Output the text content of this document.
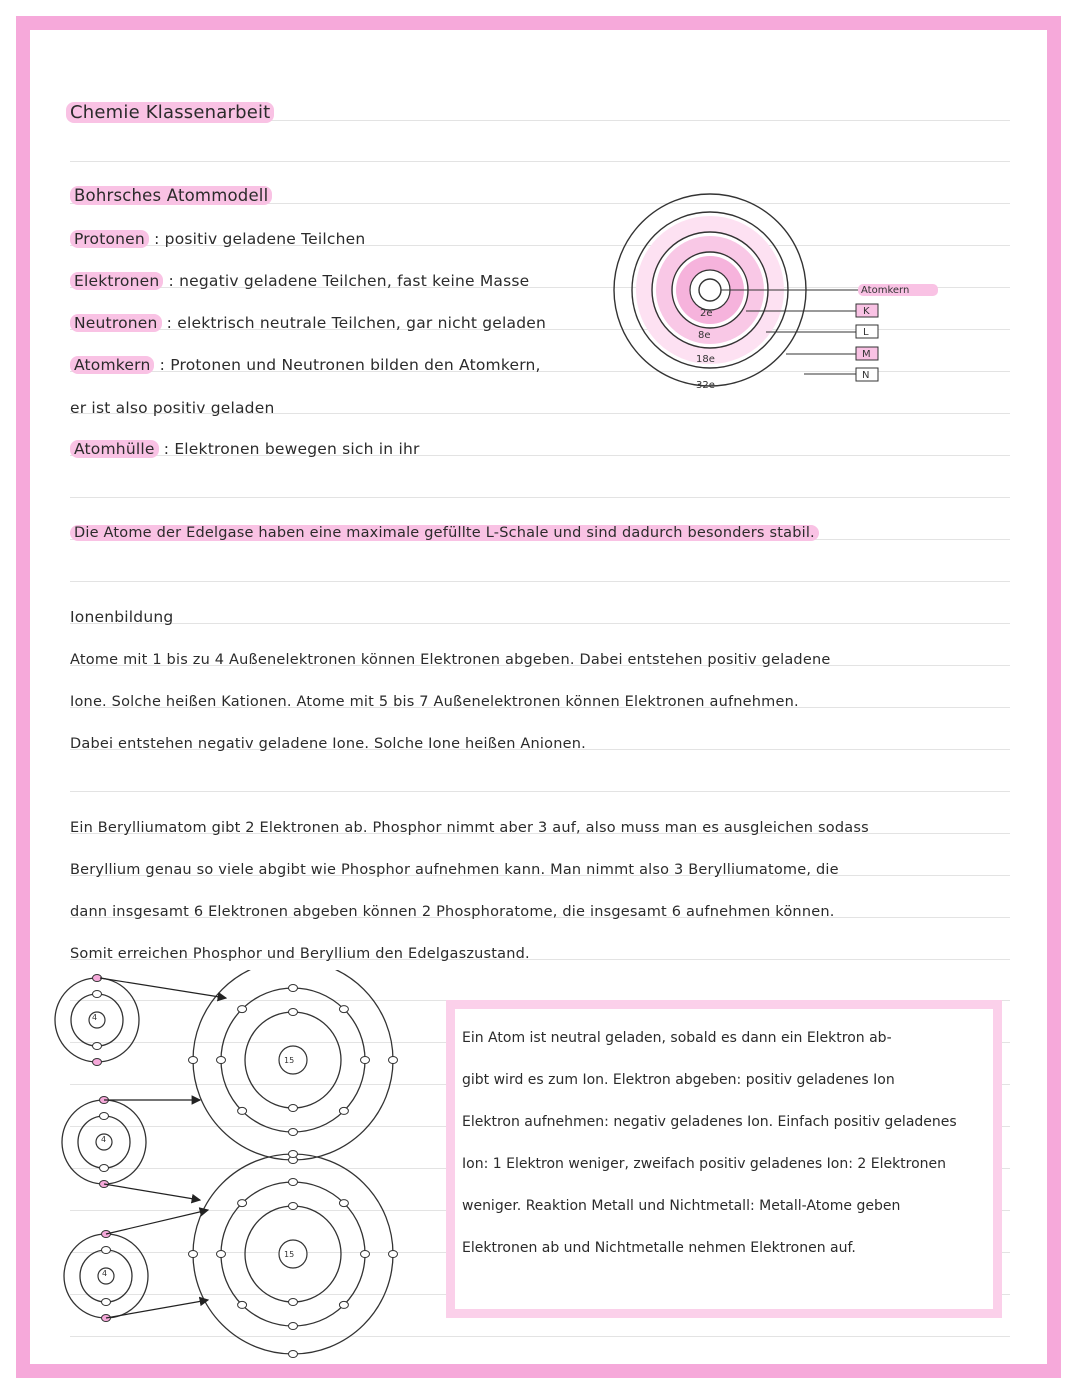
Chemie Klassenarbeit
Bohrsches Atommodell
Protonen : positiv geladene Teilchen
Elektronen : negativ geladene Teilchen, fast keine Masse
Neutronen : elektrisch neutrale Teilchen, gar nicht geladen
Atomkern : Protonen und Neutronen bilden den Atomkern,
er ist also positiv geladen
Atomhülle : Elektronen bewegen sich in ihr
2e
8e
18e
32e
Atomkern
K
L
M
N
Die Atome der Edelgase haben eine maximale gefüllte L-Schale und sind dadurch besonders stabil.
Ionenbildung
Atome mit 1 bis zu 4 Außenelektronen können Elektronen abgeben. Dabei entstehen positiv geladene
Ione. Solche heißen Kationen. Atome mit 5 bis 7 Außenelektronen können Elektronen aufnehmen.
Dabei entstehen negativ geladene Ione. Solche Ione heißen Anionen.
Ein Berylliumatom gibt 2 Elektronen ab. Phosphor nimmt aber 3 auf, also muss man es ausgleichen sodass
Beryllium genau so viele abgibt wie Phosphor aufnehmen kann. Man nimmt also 3 Berylliumatome, die
dann insgesamt 6 Elektronen abgeben können 2 Phosphoratome, die insgesamt 6 aufnehmen können.
Somit erreichen Phosphor und Beryllium den Edelgaszustand.
4
4
4
15
15
Ein Atom ist neutral geladen, sobald es dann ein Elektron ab-
gibt wird es zum Ion. Elektron abgeben: positiv geladenes Ion
Elektron aufnehmen: negativ geladenes Ion. Einfach positiv geladenes
Ion: 1 Elektron weniger, zweifach positiv geladenes Ion: 2 Elektronen
weniger. Reaktion Metall und Nichtmetall: Metall-Atome geben
Elektronen ab und Nichtmetalle nehmen Elektronen auf.
